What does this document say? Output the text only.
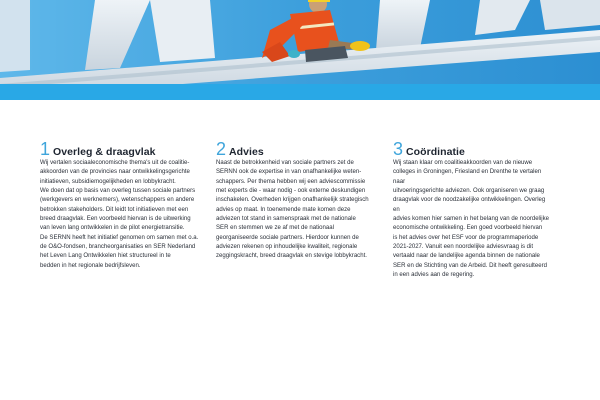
1 Overleg & draagvlak

Wij vertalen sociaaleconomische thema's uit de coalitie-
akkoorden van de provincies naar ontwikkelingsgerichte
initiatieven, subsidiemogelijkheden en lobbykracht.
We doen dat op basis van overleg tussen sociale partners
(werkgevers en werknemers), wetenschappers en andere
betrokken stakeholders. Dit leidt tot initiatieven met een
breed draagvlak. Een voorbeeld hiervan is de uitwerking
van leven lang ontwikkelen in de pilot energietransitie.
De SERNN heeft het initiatief genomen om samen met o.a.
de O&O-fondsen, brancheorganisaties en SER Nederland
het Leven Lang Ontwikkelen hiet structureel in te
bedden in het regionale bedrijfsleven.

2 Advies

Naast de betrokkenheid van sociale partners zet de
SERNN ook de expertise in van onafhankelijke weten-
schappers. Per thema hebben wij een adviescommissie
met experts die - waar nodig - ook externe deskundigen
inschakelen. Overheden krijgen onafhankelijk strategisch
advies op maat. In toenemende mate komen deze
adviezen tot stand in samenspraak met de nationale
SER en stemmen we ze af met de nationaal
georganiseerde sociale partners. Hierdoor kunnen de
adviezen rekenen op inhoudelijke kwaliteit, regionale
zeggingskracht, breed draagvlak en stevige lobbykracht.

3 Coördinatie

Wij staan klaar om coalitieakkoorden van de nieuwe
colleges in Groningen, Friesland en Drenthe te vertalen naar
uitvoeringsgerichte adviezen. Ook organiseren we graag
draagvlak voor de noodzakelijke ontwikkelingen. Overleg en
advies komen hier samen in het belang van de noordelijke
economische ontwikkeling. Een goed voorbeeld hiervan
is het advies over het ESF voor de programmaperiode
2021-2027. Vanuit een noordelijke adviesvraag is dit
vertaald naar de landelijke agenda binnen de nationale
SER en de Stichting van de Arbeid. Dit heeft geresulteerd
in een advies aan de regering.
